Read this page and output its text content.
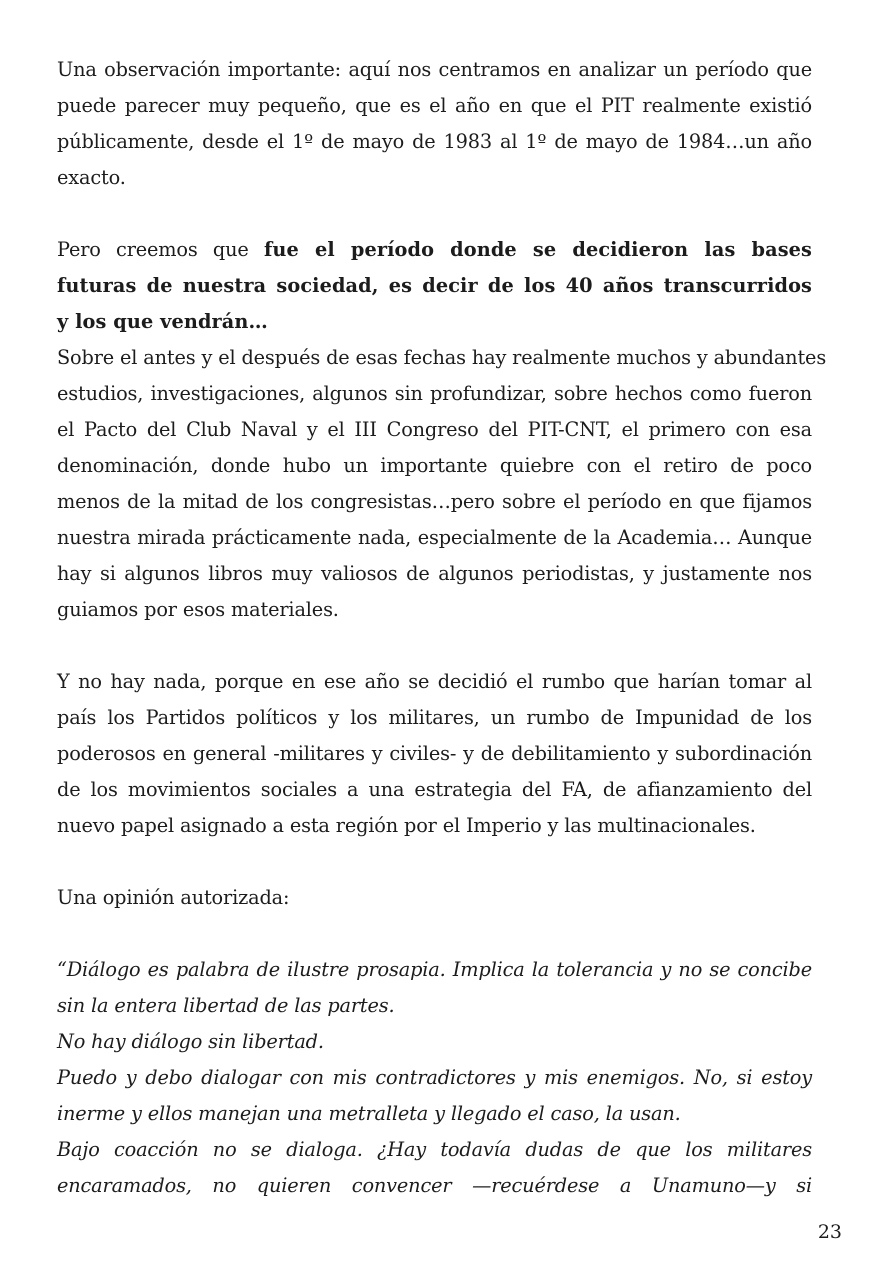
Una observación importante: aquí nos centramos en analizar un período que
puede parecer muy pequeño, que es el año en que el PIT realmente existió
públicamente, desde el 1º de mayo de 1983 al 1º de mayo de 1984…un año
exacto.
Pero creemos que fue el período donde se decidieron las bases
futuras de nuestra sociedad, es decir de los 40 años transcurridos
y los que vendrán…
Sobre el antes y el después de esas fechas hay realmente muchos y abundantes
estudios, investigaciones, algunos sin profundizar, sobre hechos como fueron
el Pacto del Club Naval y el III Congreso del PIT-CNT, el primero con esa
denominación, donde hubo un importante quiebre con el retiro de poco
menos de la mitad de los congresistas…pero sobre el período en que fijamos
nuestra mirada prácticamente nada, especialmente de la Academia… Aunque
hay si algunos libros muy valiosos de algunos periodistas, y justamente nos
guiamos por esos materiales.
Y no hay nada, porque en ese año se decidió el rumbo que harían tomar al
país los Partidos políticos y los militares, un rumbo de Impunidad de los
poderosos en general -militares y civiles- y de debilitamiento y subordinación
de los movimientos sociales a una estrategia del FA, de afianzamiento del
nuevo papel asignado a esta región por el Imperio y las multinacionales.
Una opinión autorizada:
“Diálogo es palabra de ilustre prosapia. Implica la tolerancia y no se concibe
sin la entera libertad de las partes.
No hay diálogo sin libertad.
Puedo y debo dialogar con mis contradictores y mis enemigos. No, si estoy
inerme y ellos manejan una metralleta y llegado el caso, la usan.
Bajo coacción no se dialoga. ¿Hay todavía dudas de que los militares
encaramados, no quieren convencer —recuérdese a Unamuno—y si
23
